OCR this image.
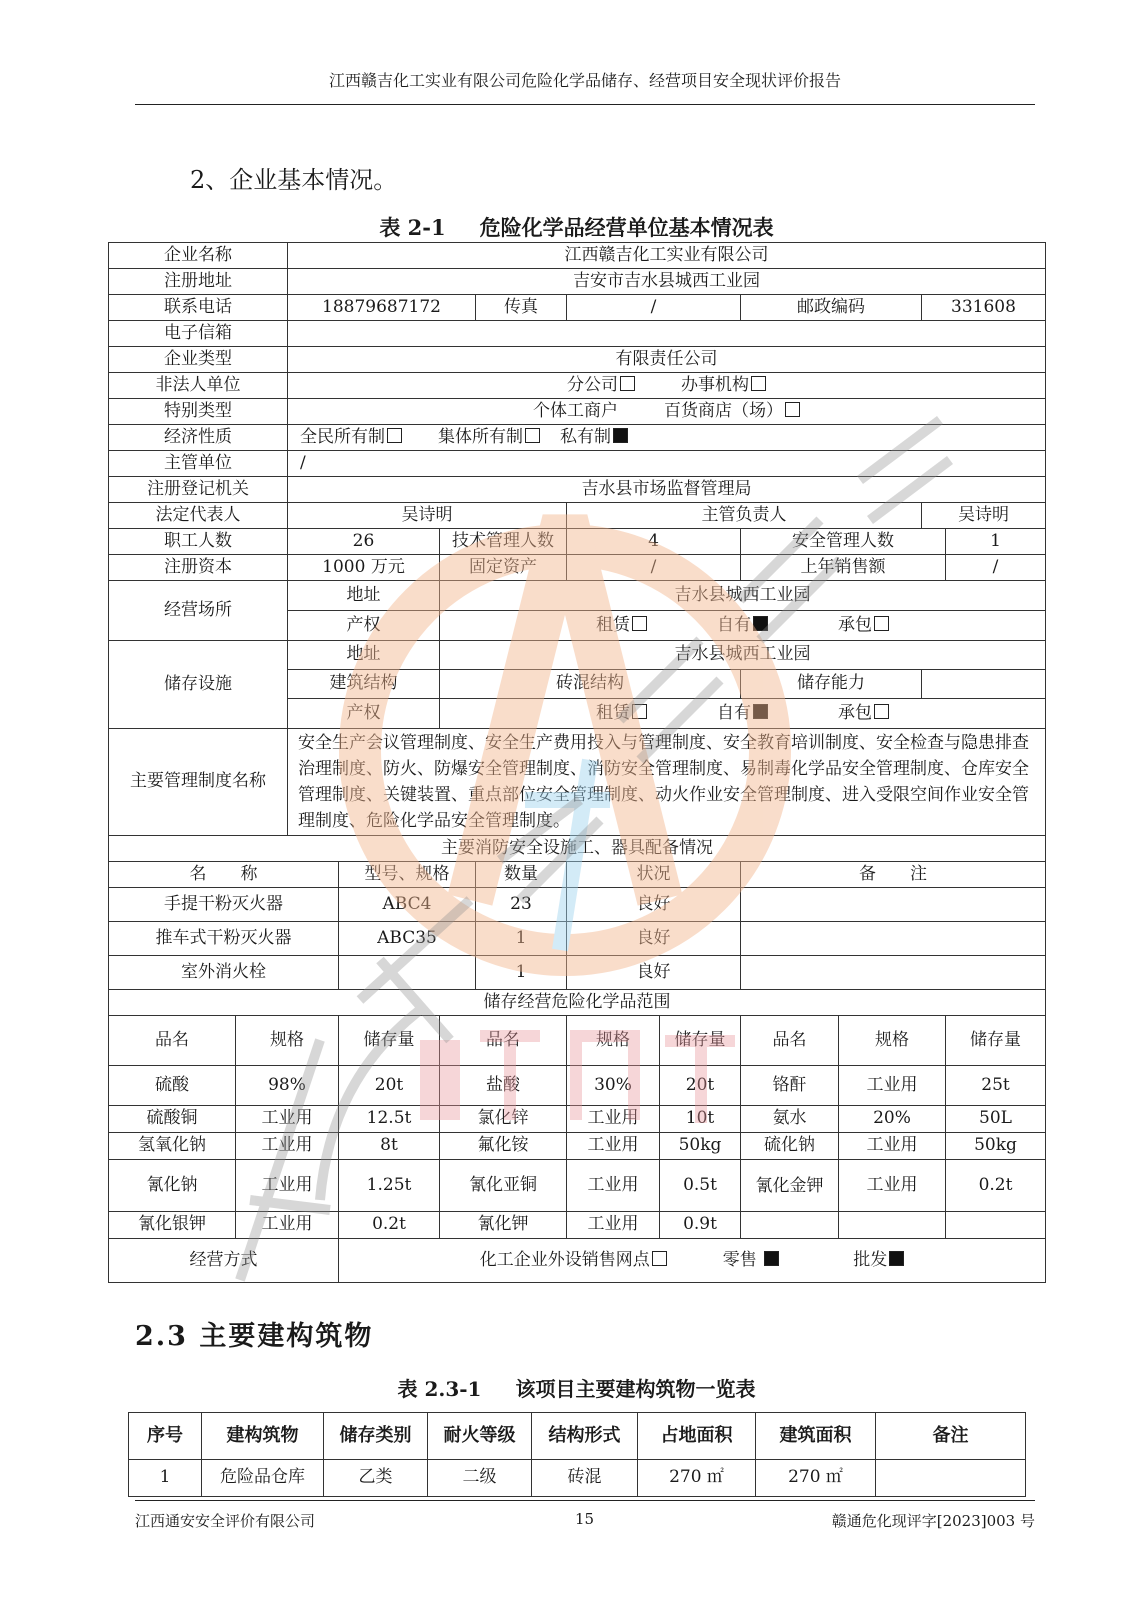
江西赣吉化工实业有限公司危险化学品储存、经营项目安全现状评价报告
2、企业基本情况。
表 2-1 危险化学品经营单位基本情况表
企业名称		江西赣吉化工实业有限公司									
注册地址		吉安市吉水县城西工业园									
联系电话		18879687172			传真	/		邮政编码		331608	
电子信箱											
企业类型		有限责任公司									
非法人单位		分公司 办事机构									
特别类型		个体工商户 百货商店（场）									
经济性质		全民所有制 集体所有制 私有制									
主管单位		/									
注册登记机关		吉水县市场监督管理局									
法定代表人		吴诗明				主管负责人				吴诗明	
职工人数		26		技术管理人数		4		安全管理人数			1
注册资本		1000 万元		固定资产		/		上年销售额			/
经营场所		地址		吉水县城西工业园							
		产权		租赁 自有 承包							
储存设施		地址		吉水县城西工业园							
		建筑结构		砖混结构				储存能力			
		产权		租赁 自有 承包							
主要管理制度名称		安全生产会议管理制度、安全生产费用投入与管理制度、安全教育培训制度、安全检查与隐患排查治理制度、防火、防爆安全管理制度、消防安全管理制度、易制毒化学品安全管理制度、仓库安全管理制度、关键装置、重点部位安全管理制度、动火作业安全管理制度、进入受限空间作业安全管理制度、危险化学品安全管理制度。									
主要消防安全设施工、器具配备情况											
名　　称			型号、规格		数量	状况		备　　注			
手提干粉灭火器			ABC4		23	良好					
推车式干粉灭火器			ABC35		1	良好					
室外消火栓					1	良好					
储存经营危险化学品范围											
品名	规格		储存量	品名		规格	储存量	品名	规格		储存量
硫酸	98%		20t	盐酸		30%	20t	铬酐	工业用		25t
硫酸铜	工业用		12.5t	氯化锌		工业用	10t	氨水	20%		50L
氢氧化钠	工业用		8t	氟化铵		工业用	50kg	硫化钠	工业用		50kg
氰化钠	工业用		1.25t	氰化亚铜		工业用	0.5t	氰化金钾	工业用		0.2t
氰化银钾	工业用		0.2t	氰化钾		工业用	0.9t				
经营方式			化工企业外设销售网点 零售 批发								
2.3 主要建构筑物
表 2.3-1 该项目主要建构筑物一览表
序号	建构筑物	储存类别	耐火等级	结构形式	占地面积	建筑面积	备注
1	危险品仓库	乙类	二级	砖混	270 ㎡	270 ㎡	
江西通安安全评价有限公司	15	赣通危化现评字[2023]003 号
